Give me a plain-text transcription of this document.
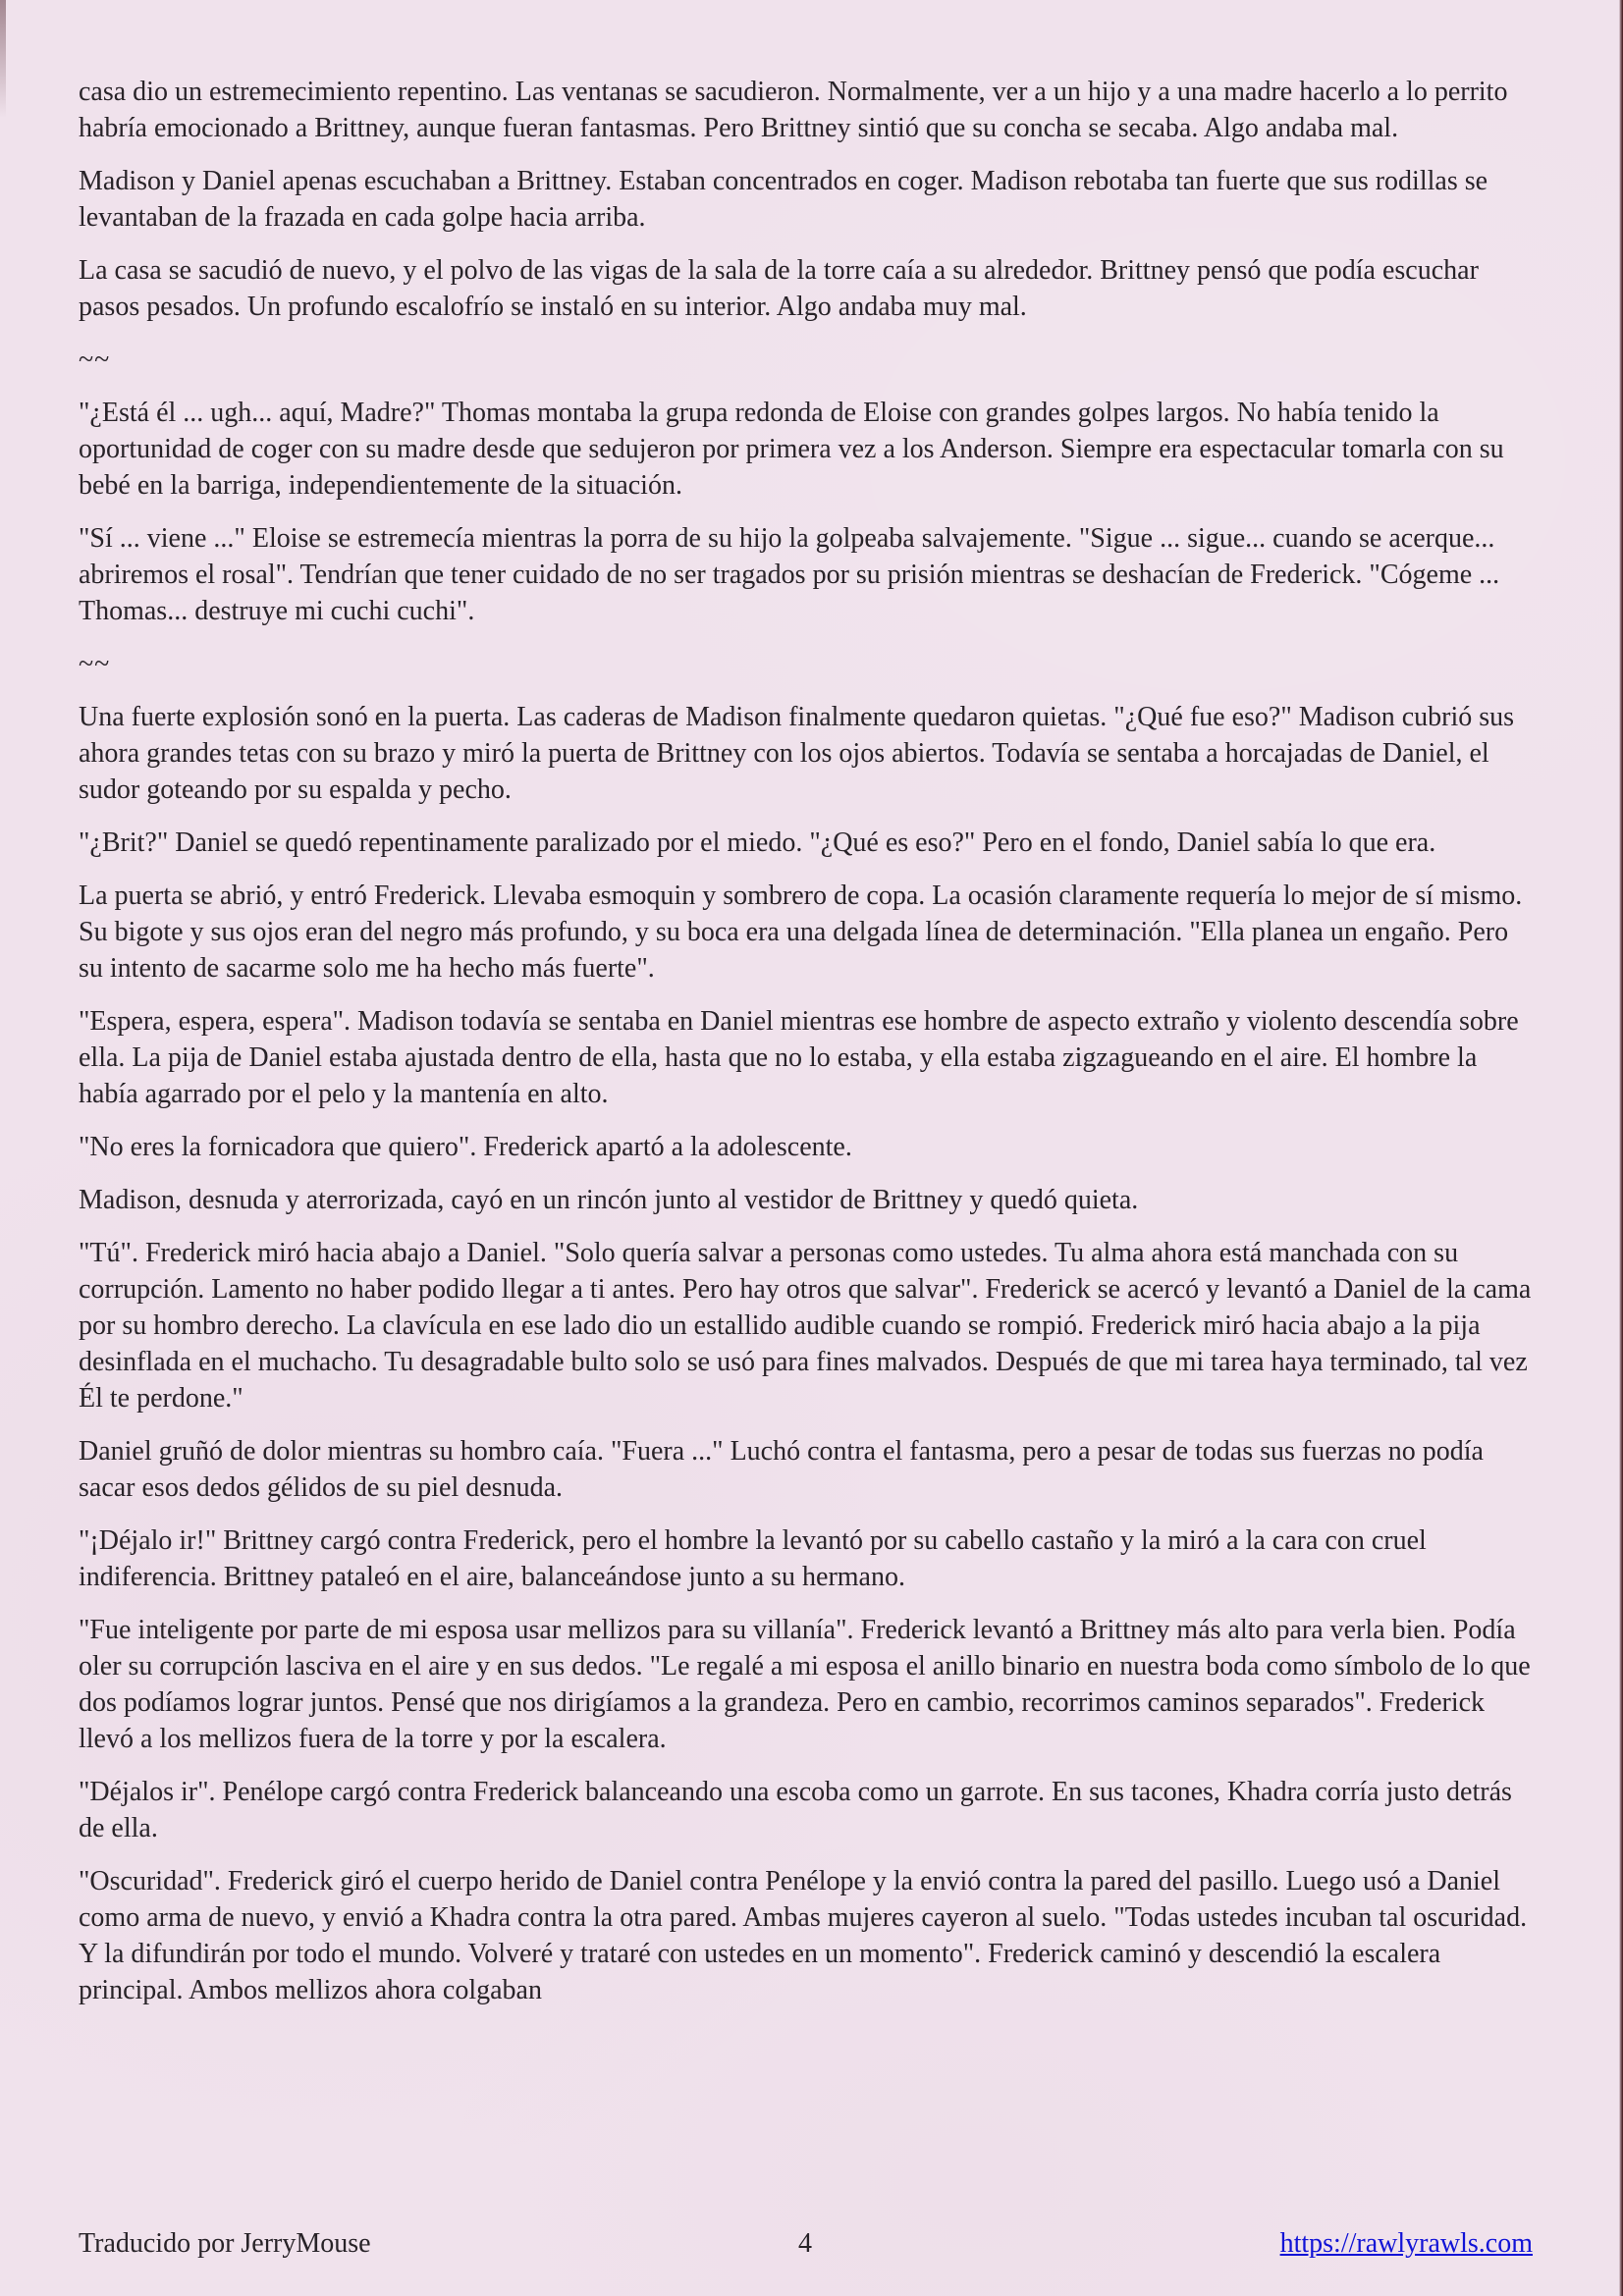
casa dio un estremecimiento repentino. Las ventanas se sacudieron. Normalmente, ver a un hijo y a una madre hacerlo a lo perrito habría emocionado a Brittney, aunque fueran fantasmas. Pero Brittney sintió que su concha se secaba. Algo andaba mal.

Madison y Daniel apenas escuchaban a Brittney. Estaban concentrados en coger. Madison rebotaba tan fuerte que sus rodillas se levantaban de la frazada en cada golpe hacia arriba.

La casa se sacudió de nuevo, y el polvo de las vigas de la sala de la torre caía a su alrededor. Brittney pensó que podía escuchar pasos pesados. Un profundo escalofrío se instaló en su interior. Algo andaba muy mal.

~~

"¿Está él ... ugh... aquí, Madre?" Thomas montaba la grupa redonda de Eloise con grandes golpes largos. No había tenido la oportunidad de coger con su madre desde que sedujeron por primera vez a los Anderson. Siempre era espectacular tomarla con su bebé en la barriga, independientemente de la situación.

"Sí ... viene ..." Eloise se estremecía mientras la porra de su hijo la golpeaba salvajemente. "Sigue ... sigue... cuando se acerque... abriremos el rosal". Tendrían que tener cuidado de no ser tragados por su prisión mientras se deshacían de Frederick. "Cógeme ... Thomas... destruye mi cuchi cuchi".

~~

Una fuerte explosión sonó en la puerta. Las caderas de Madison finalmente quedaron quietas. "¿Qué fue eso?" Madison cubrió sus ahora grandes tetas con su brazo y miró la puerta de Brittney con los ojos abiertos. Todavía se sentaba a horcajadas de Daniel, el sudor goteando por su espalda y pecho.

"¿Brit?" Daniel se quedó repentinamente paralizado por el miedo. "¿Qué es eso?" Pero en el fondo, Daniel sabía lo que era.

La puerta se abrió, y entró Frederick. Llevaba esmoquin y sombrero de copa. La ocasión claramente requería lo mejor de sí mismo. Su bigote y sus ojos eran del negro más profundo, y su boca era una delgada línea de determinación. "Ella planea un engaño. Pero su intento de sacarme solo me ha hecho más fuerte".

"Espera, espera, espera". Madison todavía se sentaba en Daniel mientras ese hombre de aspecto extraño y violento descendía sobre ella. La pija de Daniel estaba ajustada dentro de ella, hasta que no lo estaba, y ella estaba zigzagueando en el aire. El hombre la había agarrado por el pelo y la mantenía en alto.

"No eres la fornicadora que quiero". Frederick apartó a la adolescente.

Madison, desnuda y aterrorizada, cayó en un rincón junto al vestidor de Brittney y quedó quieta.

"Tú". Frederick miró hacia abajo a Daniel. "Solo quería salvar a personas como ustedes. Tu alma ahora está manchada con su corrupción. Lamento no haber podido llegar a ti antes. Pero hay otros que salvar". Frederick se acercó y levantó a Daniel de la cama por su hombro derecho. La clavícula en ese lado dio un estallido audible cuando se rompió. Frederick miró hacia abajo a la pija desinflada en el muchacho. Tu desagradable bulto solo se usó para fines malvados. Después de que mi tarea haya terminado, tal vez Él te perdone."

Daniel gruñó de dolor mientras su hombro caía. "Fuera ..." Luchó contra el fantasma, pero a pesar de todas sus fuerzas no podía sacar esos dedos gélidos de su piel desnuda.

"¡Déjalo ir!" Brittney cargó contra Frederick, pero el hombre la levantó por su cabello castaño y la miró a la cara con cruel indiferencia. Brittney pataleó en el aire, balanceándose junto a su hermano.

"Fue inteligente por parte de mi esposa usar mellizos para su villanía". Frederick levantó a Brittney más alto para verla bien. Podía oler su corrupción lasciva en el aire y en sus dedos. "Le regalé a mi esposa el anillo binario en nuestra boda como símbolo de lo que dos podíamos lograr juntos. Pensé que nos dirigíamos a la grandeza. Pero en cambio, recorrimos caminos separados". Frederick llevó a los mellizos fuera de la torre y por la escalera.

"Déjalos ir". Penélope cargó contra Frederick balanceando una escoba como un garrote. En sus tacones, Khadra corría justo detrás de ella.

"Oscuridad". Frederick giró el cuerpo herido de Daniel contra Penélope y la envió contra la pared del pasillo. Luego usó a Daniel como arma de nuevo, y envió a Khadra contra la otra pared. Ambas mujeres cayeron al suelo. "Todas ustedes incuban tal oscuridad. Y la difundirán por todo el mundo. Volveré y trataré con ustedes en un momento". Frederick caminó y descendió la escalera principal. Ambos mellizos ahora colgaban

Traducido por JerryMouse	4	https://rawlyrawls.com
